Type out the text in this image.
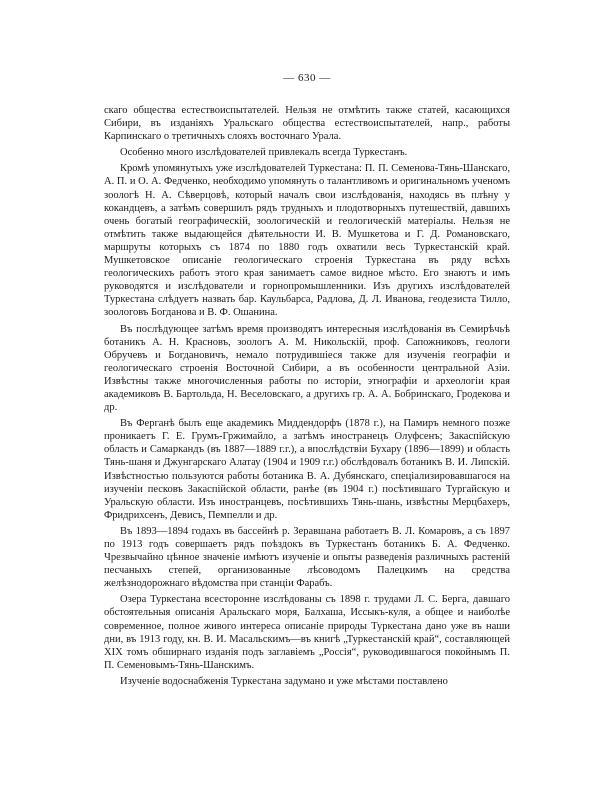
— 630 —

скаго общества естествоиспытателей. Нельзя не отмѣтить также статей, касающихся Сибири, въ изданіяхъ Уральскаго общества естествоиспытателей, напр., работы Карпинскаго о третичныхъ слояхъ восточнаго Урала.

Особенно много изслѣдователей привлекалъ всегда Туркестанъ.

Кромѣ упомянутыхъ уже изслѣдователей Туркестана: П. П. Семенова-Тянь-Шанскаго, А. П. и О. А. Федченко, необходимо упомянуть о талантливомъ и оригинальномъ ученомъ зоологѣ Н. А. Сѣверцовѣ, который началъ свои изслѣдованія, находясь въ плѣну у кокандцевъ, а затѣмъ совершилъ рядъ трудныхъ и плодотворныхъ путешествій, давшихъ очень богатый географическій, зоологическій и геологическій матеріалы. Нельзя не отмѣтить также выдающейся дѣятельности И. В. Мушкетова и Г. Д. Романовскаго, маршруты которыхъ съ 1874 по 1880 годъ охватили весь Туркестанскій край. Мушкетовское описаніе геологическаго строенія Туркестана въ ряду всѣхъ геологическихъ работъ этого края занимаетъ самое видное мѣсто. Его знаютъ и имъ руководятся и изслѣдователи и горнопромышленники. Изъ другихъ изслѣдователей Туркестана слѣдуетъ назвать бар. Каульбарса, Радлова, Д. Л. Иванова, геодезиста Тилло, зоологовъ Богданова и В. Ф. Ошанина.

Въ послѣдующее затѣмъ время производятъ интересныя изслѣдованія въ Семирѣчьѣ ботаникъ А. Н. Красновъ, зоологъ А. М. Никольскій, проф. Сапожниковъ, геологи Обручевъ и Богдановичъ, немало потрудившіеся также для изученія географіи и геологическаго строенія Восточной Сибири, а въ особенности центральной Азіи. Извѣстны также многочисленныя работы по исторіи, этнографіи и археологіи края академиковъ В. Бартольда, Н. Веселовскаго, а другихъ гр. А. А. Бобринскаго, Гродекова и др.

Въ Ферганѣ былъ еще академикъ Миддендорфъ (1878 г.), на Памиръ немного позже проникаетъ Г. Е. Грумъ-Гржимайло, а затѣмъ иностранецъ Олуфсенъ; Закаспійскую область и Самаркандъ (въ 1887—1889 г.г.), а впослѣдствіи Бухару (1896—1899) и область Тянь-шаня и Джунгарскаго Алатау (1904 и 1909 г.г.) обслѣдовалъ ботаникъ В. И. Липскій. Извѣстностью пользуются работы ботаника В. А. Дубянскаго, спеціализировавшагося на изученіи песковъ Закаспійской области, ранѣе (въ 1904 г.) посѣтившаго Тургайскую и Уральскую области. Изъ иностранцевъ, посѣтившихъ Тянь-шань, извѣстны Мерцбахеръ, Фридрихсенъ, Девисъ, Пемпелли и др.

Въ 1893—1894 годахъ въ бассейнѣ р. Зеравшана работаетъ В. Л. Комаровъ, а съ 1897 по 1913 годъ совершаетъ рядъ поѣздокъ въ Туркестанъ ботаникъ Б. А. Федченко. Чрезвычайно цѣнное значеніе имѣютъ изученіе и опыты разведенія различныхъ растеній песчаныхъ степей, организованные лѣсоводомъ Палецкимъ на средства желѣзнодорожнаго вѣдомства при станціи Фарабъ.

Озера Туркестана всесторонне изслѣдованы съ 1898 г. трудами Л. С. Берга, давшаго обстоятельныя описанія Аральскаго моря, Балхаша, Иссыкъ-куля, а общее и наиболѣе современное, полное живого интереса описаніе природы Туркестана дано уже въ наши дни, въ 1913 году, кн. В. И. Масальскимъ—въ книгѣ „Туркестанскій край“, составляющей XIX томъ обширнаго изданія подъ заглавіемъ „Россія“, руководившагося покойнымъ П. П. Семеновымъ-Тянь-Шанскимъ.

Изученіе водоснабженія Туркестана задумано и уже мѣстами поставлено
